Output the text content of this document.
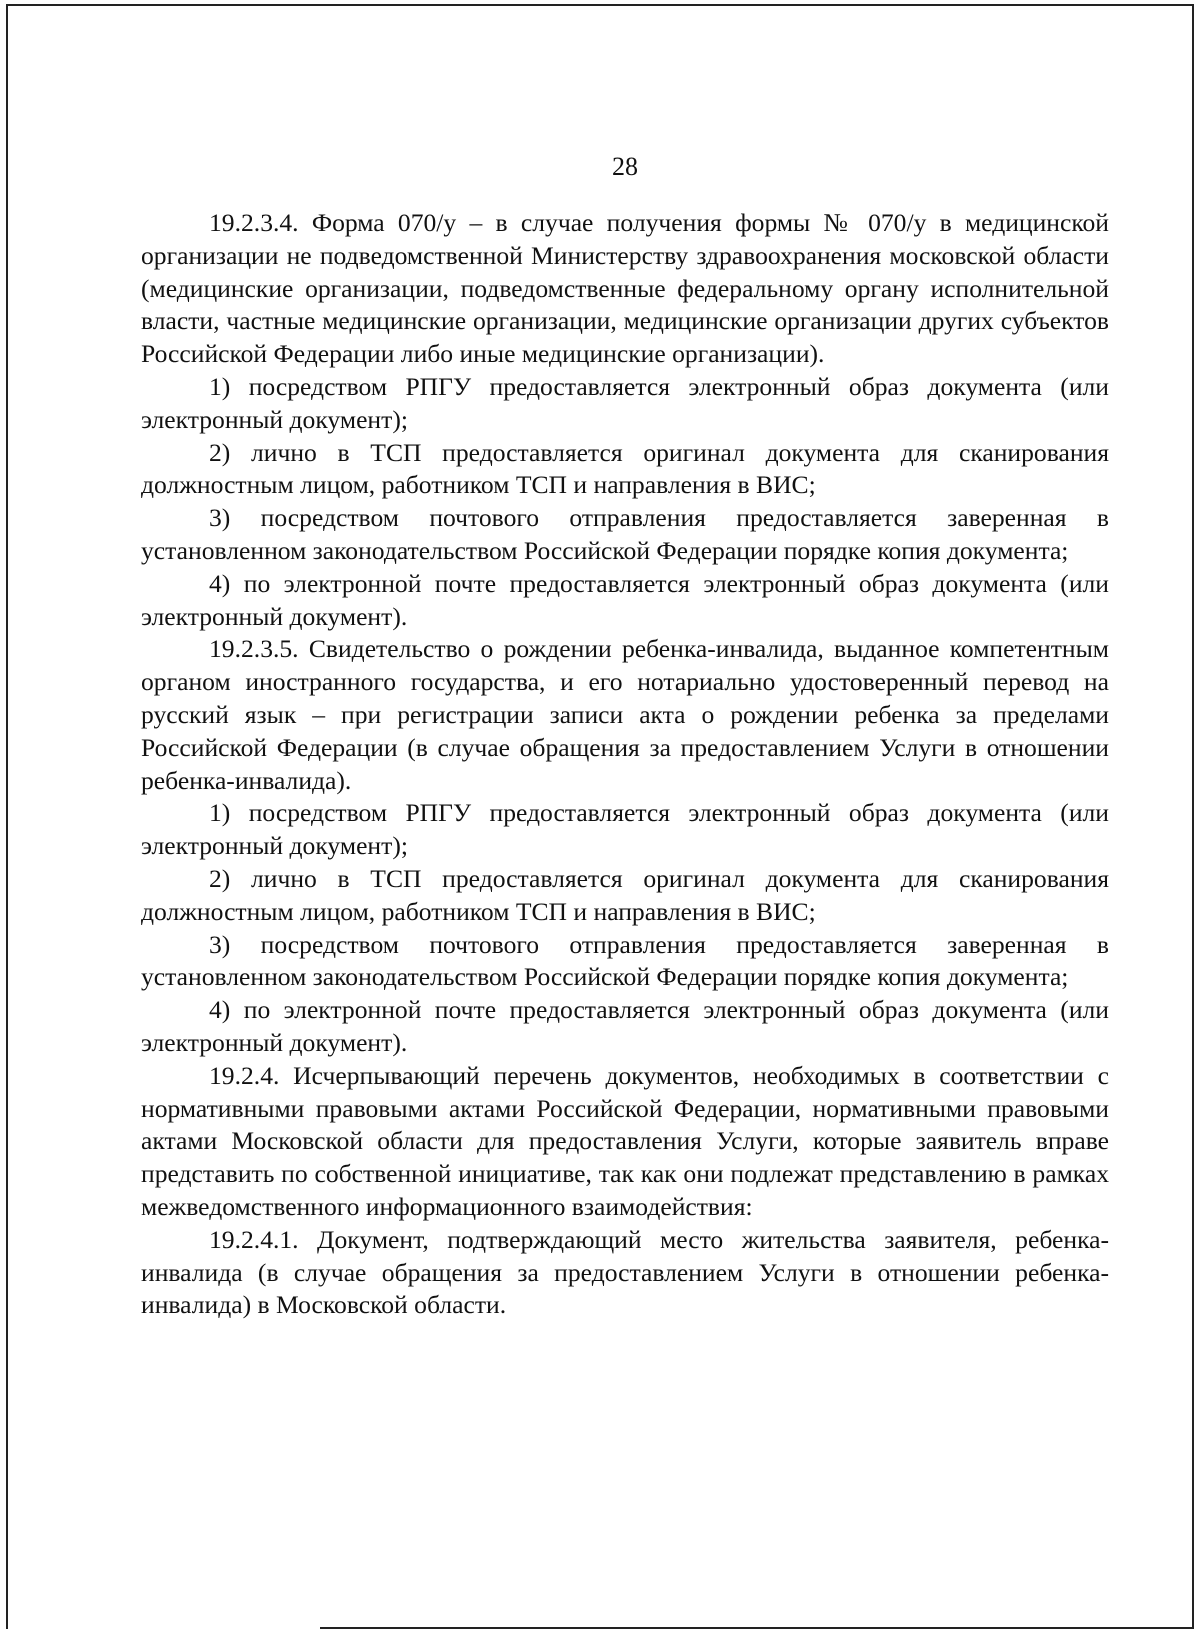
28

19.2.3.4. Форма 070/у – в случае получения формы № 070/у в медицинской организации не подведомственной Министерству здравоохранения московской области (медицинские организации, подведомственные федеральному органу исполнительной власти, частные медицинские организации, медицинские организации других субъектов Российской Федерации либо иные медицинские организации).

1) посредством РПГУ предоставляется электронный образ документа (или электронный документ);

2) лично в ТСП предоставляется оригинал документа для сканирования должностным лицом, работником ТСП и направления в ВИС;

3) посредством почтового отправления предоставляется заверенная в установленном законодательством Российской Федерации порядке копия документа;

4) по электронной почте предоставляется электронный образ документа (или электронный документ).

19.2.3.5. Свидетельство о рождении ребенка-инвалида, выданное компетентным органом иностранного государства, и его нотариально удостоверенный перевод на русский язык – при регистрации записи акта о рождении ребенка за пределами Российской Федерации (в случае обращения за предоставлением Услуги в отношении ребенка-инвалида).

1) посредством РПГУ предоставляется электронный образ документа (или электронный документ);

2) лично в ТСП предоставляется оригинал документа для сканирования должностным лицом, работником ТСП и направления в ВИС;

3) посредством почтового отправления предоставляется заверенная в установленном законодательством Российской Федерации порядке копия документа;

4) по электронной почте предоставляется электронный образ документа (или электронный документ).

19.2.4. Исчерпывающий перечень документов, необходимых в соответствии с нормативными правовыми актами Российской Федерации, нормативными правовыми актами Московской области для предоставления Услуги, которые заявитель вправе представить по собственной инициативе, так как они подлежат представлению в рамках межведомственного информационного взаимодействия:

19.2.4.1. Документ, подтверждающий место жительства заявителя, ребенка-инвалида (в случае обращения за предоставлением Услуги в отношении ребенка-инвалида) в Московской области.
